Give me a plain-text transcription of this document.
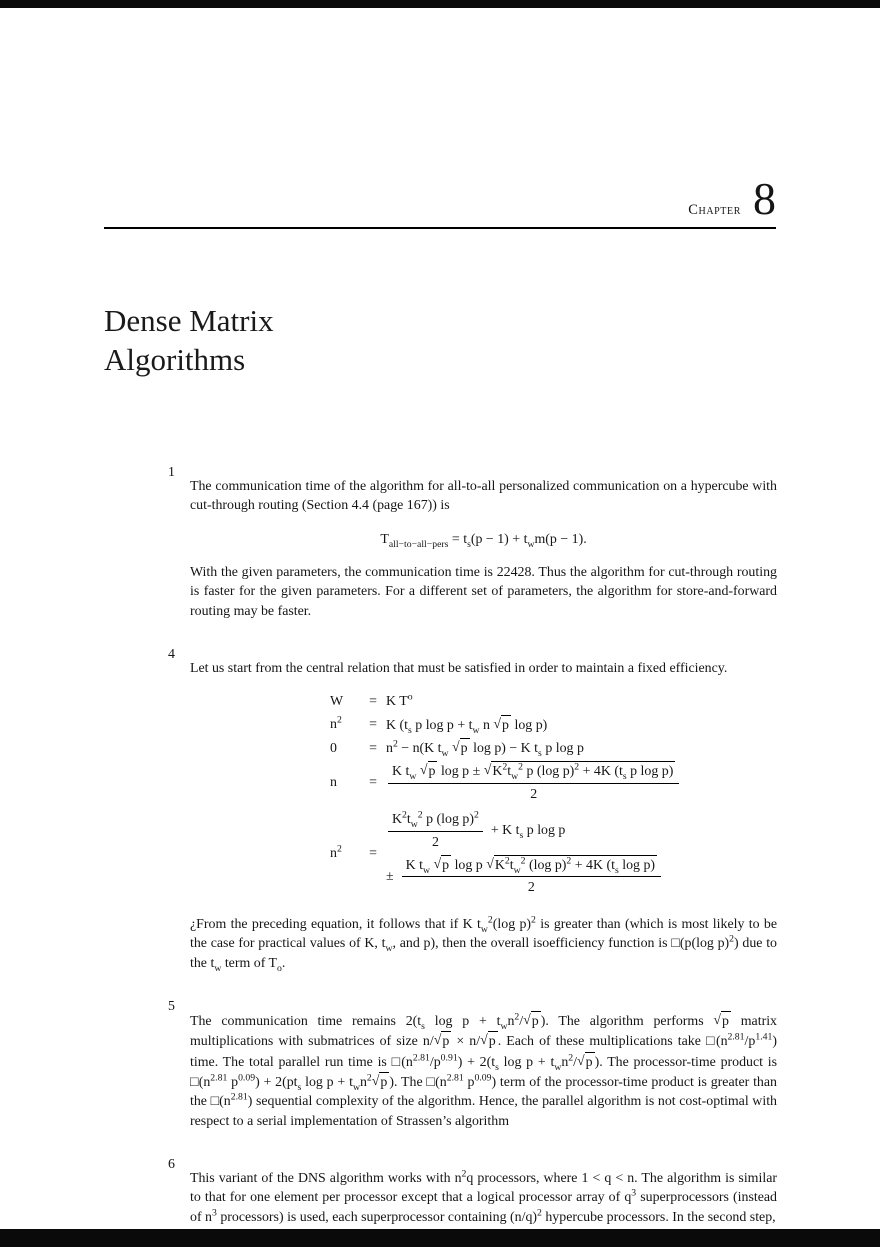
Chapter 8
Dense Matrix
Algorithms
1

The communication time of the algorithm for all-to-all personalized communication on a hypercube with cut-through routing (Section 4.4 (page 167)) is

$T_{all-to-all-pers} = t_s(p - 1) + t_wm(p - 1)$.

With the given parameters, the communication time is 22428. Thus the algorithm for cut-through routing is faster for the given parameters. For a different set of parameters, the algorithm for store-and-forward routing may be faster.

4

Let us start from the central relation that must be satisfied in order to maintain a fixed efficiency.

W	= K $T^o$
$n^2$	= K ($t_s$ p $\log p + t_w$ n √p log p)
0	= $n^2 - n(K$ $t_w$ √p log p) − K $t_s$ p log p
n	= $\frac{K t_w √p \log p \pm √K^2t_w^2 p (\log p)^2 + 4K (t_s p \log p)}{2}$
$n^2$	=
$\frac{K^2t_w^2 p (\log p)^2}{2} + K$ $t_s$ p log p
± $\frac{K t_w √p \log p √K^2t_w^2 (\log p)^2 + 4K (t_s \log p)}{2}$

¿From the preceding equation, it follows that if K $t_w^2(\log$ p)$^2$ is greater than (which is most likely to be the case for practical values of K, $t_w$, and p), then the overall isoefficiency function is □(p(log p)$^2$) due to the $t_w$ term of $T_o$.

5

The communication time remains $2(t_s$ $\log p + t_wn^2/√p$ ). The algorithm performs √p matrix multiplications with submatrices of size n/√p × n/√p . Each of these multiplications take $□(n^{2.81}/p^{1.41})$ time. The total parallel run time is $□(n^{2.81}/p^{0.91}) + 2(t_s$ $\log p + t_wn^2/√p$ ). The processor-time product is $□(n^{2.81}$ $p^{0.09}) + 2(pt_s$ $\log p + t_wn^2√p$ ). The $□(n^{2.81}$ $p^{0.09}$) term of the processor-time product is greater than the $□(n^{2.81})$ sequential complexity of the algorithm. Hence, the parallel algorithm is not cost-optimal with respect to a serial implementation of Strassen’s algorithm

6

This variant of the DNS algorithm works with $n^2q$ processors, where 1 < q < n. The algorithm is similar to that for one element per processor except that a logical processor array of $q^3$ superprocessors (instead of $n^3$ processors) is used, each superprocessor containing $(n/q)^2$ hypercube processors. In the second step,
